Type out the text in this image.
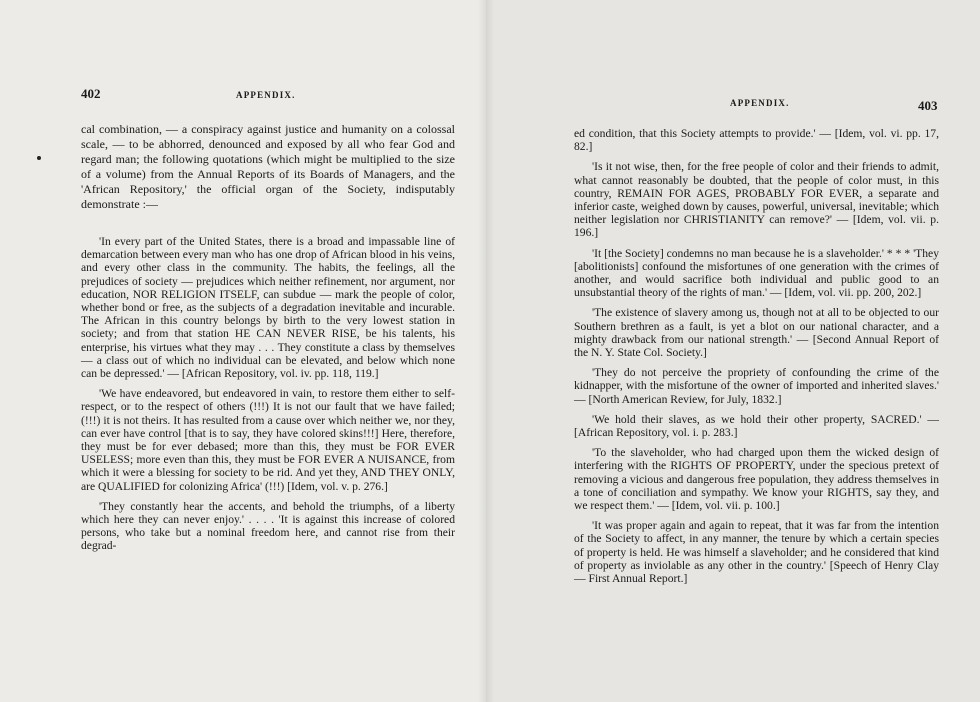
402	APPENDIX.

cal combination, — a conspiracy against justice and humanity on a colossal scale, — to be abhorred, denounced and exposed by all who fear God and regard man; the following quotations (which might be multiplied to the size of a volume) from the Annual Reports of its Boards of Managers, and the 'African Repository,' the official organ of the Society, indisputably demonstrate :—

'In every part of the United States, there is a broad and impassable line of demarcation between every man who has one drop of African blood in his veins, and every other class in the community. The habits, the feelings, all the prejudices of society — prejudices which neither refinement, nor argument, nor education, NOR RELIGION ITSELF, can subdue — mark the people of color, whether bond or free, as the subjects of a degradation inevitable and incurable. The African in this country belongs by birth to the very lowest station in society; and from that station HE CAN NEVER RISE, be his talents, his enterprise, his virtues what they may . . . They constitute a class by themselves — a class out of which no individual can be elevated, and below which none can be depressed.' — [African Repository, vol. iv. pp. 118, 119.]

'We have endeavored, but endeavored in vain, to restore them either to self-respect, or to the respect of others (!!!) It is not our fault that we have failed; (!!!) it is not theirs. It has resulted from a cause over which neither we, nor they, can ever have control [that is to say, they have colored skins!!!] Here, therefore, they must be for ever debased; more than this, they must be FOR EVER USELESS; more even than this, they must be FOR EVER A NUISANCE, from which it were a blessing for society to be rid. And yet they, AND THEY ONLY, are QUALIFIED for colonizing Africa' (!!!) [Idem, vol. v. p. 276.]

'They constantly hear the accents, and behold the triumphs, of a liberty which here they can never enjoy.' . . . . 'It is against this increase of colored persons, who take but a nominal freedom here, and cannot rise from their degrad-

APPENDIX.	403

ed condition, that this Society attempts to provide.' — [Idem, vol. vi. pp. 17, 82.]

'Is it not wise, then, for the free people of color and their friends to admit, what cannot reasonably be doubted, that the people of color must, in this country, REMAIN FOR AGES, PROBABLY FOR EVER, a separate and inferior caste, weighed down by causes, powerful, universal, inevitable; which neither legislation nor CHRISTIANITY can remove?' — [Idem, vol. vii. p. 196.]

'It [the Society] condemns no man because he is a slaveholder.' * * * 'They [abolitionists] confound the misfortunes of one generation with the crimes of another, and would sacrifice both individual and public good to an unsubstantial theory of the rights of man.' — [Idem, vol. vii. pp. 200, 202.]

'The existence of slavery among us, though not at all to be objected to our Southern brethren as a fault, is yet a blot on our national character, and a mighty drawback from our national strength.' — [Second Annual Report of the N. Y. State Col. Society.]

'They do not perceive the propriety of confounding the crime of the kidnapper, with the misfortune of the owner of imported and inherited slaves.' — [North American Review, for July, 1832.]

'We hold their slaves, as we hold their other property, SACRED.' — [African Repository, vol. i. p. 283.]

'To the slaveholder, who had charged upon them the wicked design of interfering with the RIGHTS OF PROPERTY, under the specious pretext of removing a vicious and dangerous free population, they address themselves in a tone of conciliation and sympathy. We know your RIGHTS, say they, and we respect them.' — [Idem, vol. vii. p. 100.]

'It was proper again and again to repeat, that it was far from the intention of the Society to affect, in any manner, the tenure by which a certain species of property is held. He was himself a slaveholder; and he considered that kind of property as inviolable as any other in the country.' [Speech of Henry Clay — First Annual Report.]
